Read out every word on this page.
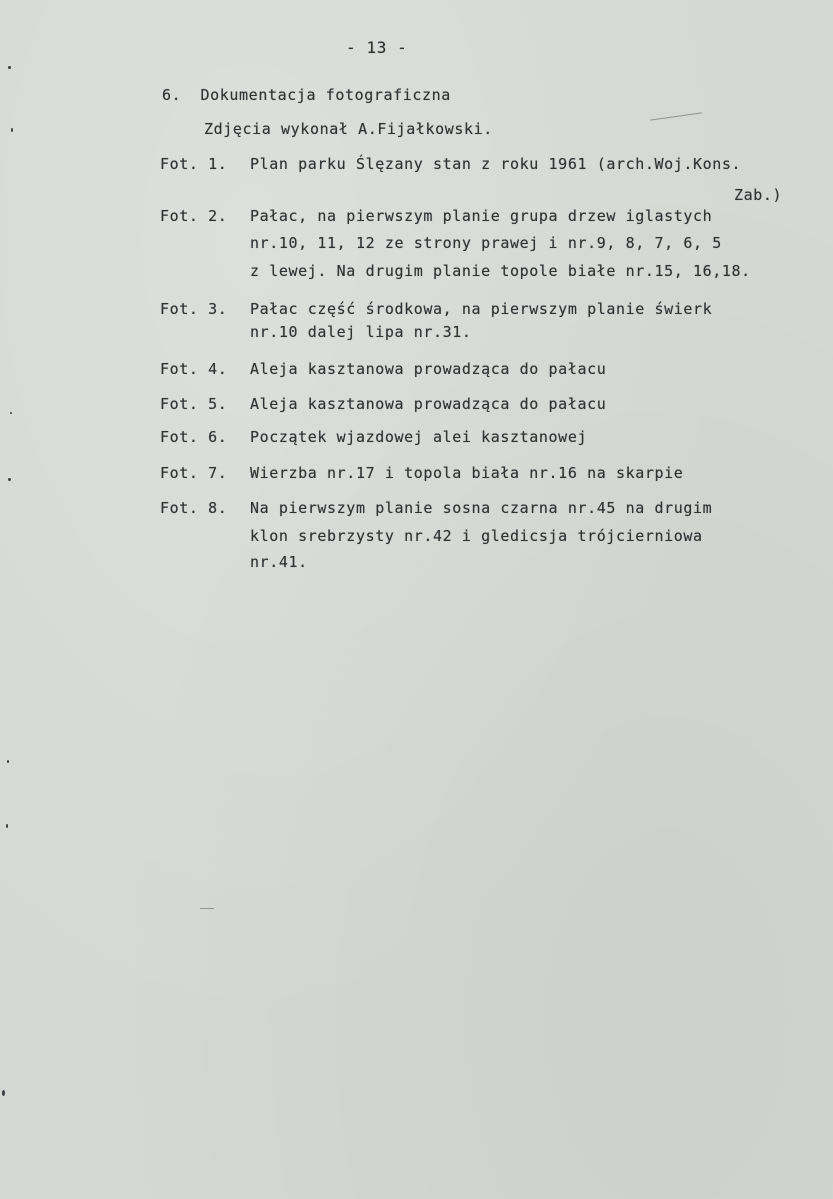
- 13 -
6. Dokumentacja fotograficzna
Zdjęcia wykonał A.Fijałkowski.
Fot. 1. Plan parku Ślęzany stan z roku 1961 (arch.Woj.Kons.
Zab.)
Fot. 2. Pałac, na pierwszym planie grupa drzew iglastych
nr.10, 11, 12 ze strony prawej i nr.9, 8, 7, 6, 5
z lewej. Na drugim planie topole białe nr.15, 16,18.
Fot. 3. Pałac część środkowa, na pierwszym planie świerk
nr.10 dalej lipa nr.31.
Fot. 4. Aleja kasztanowa prowadząca do pałacu
Fot. 5. Aleja kasztanowa prowadząca do pałacu
Fot. 6. Początek wjazdowej alei kasztanowej
Fot. 7. Wierzba nr.17 i topola biała nr.16 na skarpie
Fot. 8. Na pierwszym planie sosna czarna nr.45 na drugim
klon srebrzysty nr.42 i gledicsja trójcierniowa
nr.41.
